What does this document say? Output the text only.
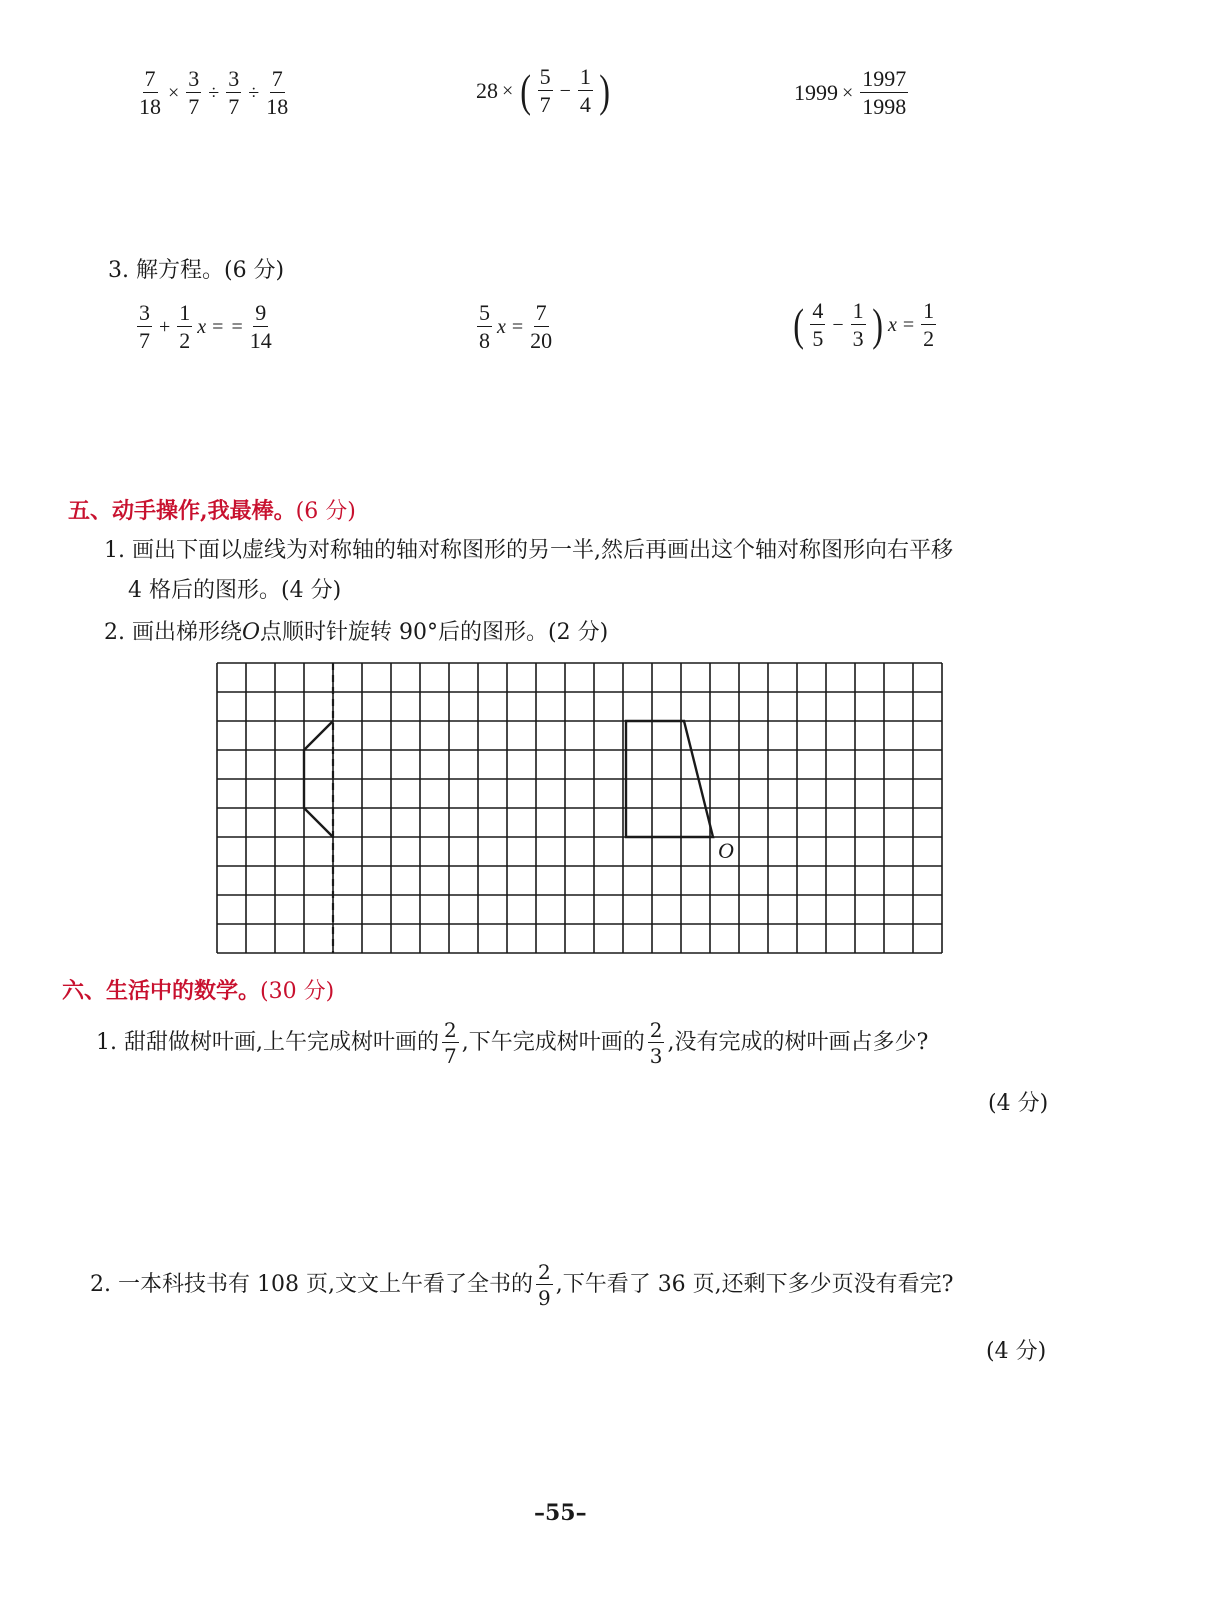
$\frac{7}{18} \times \frac{3}{7} \div \frac{3}{7} \div \frac{7}{18}$	28 × ( $\frac{5}{7} - \frac{1}{4}$ )	$1999 \times \frac{1997}{1998}$
3. 解方程。(6 分)
$\frac{3}{7} + \frac{1}{2}$ x = = $\frac{9}{14}$	$\frac{5}{8}$ $x = \frac{7}{20}$	( $\frac{4}{5} - \frac{1}{3}$ ) $x = \frac{1}{2}$
五、动手操作,我最棒。(6 分)
1. 画出下面以虚线为对称轴的轴对称图形的另一半,然后再画出这个轴对称图形向右平移
4 格后的图形。(4 分)
2. 画出梯形绕 O 点顺时针旋转 90°后的图形。(2 分)
O
六、生活中的数学。(30 分)
1. 甜甜做树叶画,上午完成树叶画的 $\frac{2}{7}$ ,下午完成树叶画的 $\frac{2}{3}$ ,没有完成的树叶画占多少?
(4 分)
2. 一本科技书有 108 页,文文上午看了全书的 $\frac{2}{9}$ ,下午看了 36 页,还剩下多少页没有看完?
(4 分)
–55–
